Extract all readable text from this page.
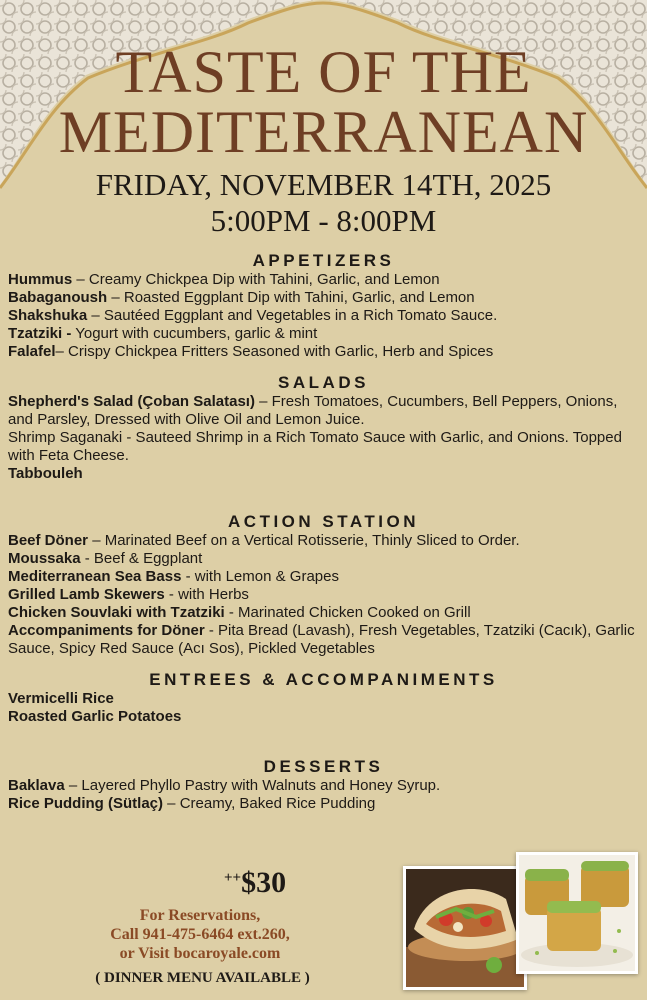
TASTE OF THE
MEDITERRANEAN
FRIDAY, NOVEMBER 14TH, 2025
5:00PM - 8:00PM
APPETIZERS
Hummus – Creamy Chickpea Dip with Tahini, Garlic, and Lemon
Babaganoush – Roasted Eggplant Dip with Tahini, Garlic, and Lemon
Shakshuka – Sautéed Eggplant and Vegetables in a Rich Tomato Sauce.
Tzatziki - Yogurt with cucumbers, garlic & mint
Falafel– Crispy Chickpea Fritters Seasoned with Garlic, Herb and Spices
SALADS
Shepherd's Salad (Çoban Salatası) – Fresh Tomatoes, Cucumbers, Bell Peppers, Onions, and Parsley, Dressed with Olive Oil and Lemon Juice.
Shrimp Saganaki - Sauteed Shrimp in a Rich Tomato Sauce with Garlic, and Onions. Topped with Feta Cheese.
Tabbouleh
ACTION STATION
Beef Döner – Marinated Beef on a Vertical Rotisserie, Thinly Sliced to Order.
Moussaka - Beef & Eggplant
Mediterranean Sea Bass - with Lemon & Grapes
Grilled Lamb Skewers - with Herbs
Chicken Souvlaki with Tzatziki - Marinated Chicken Cooked on Grill
Accompaniments for Döner - Pita Bread (Lavash), Fresh Vegetables, Tzatziki (Cacık), Garlic Sauce, Spicy Red Sauce (Acı Sos), Pickled Vegetables
ENTREES & ACCOMPANIMENTS
Vermicelli Rice
Roasted Garlic Potatoes
DESSERTS
Baklava – Layered Phyllo Pastry with Walnuts and Honey Syrup.
Rice Pudding (Sütlaç) – Creamy, Baked Rice Pudding
++$30
For Reservations,
Call 941-475-6464 ext.260,
or Visit bocaroyale.com
( DINNER MENU AVAILABLE )
